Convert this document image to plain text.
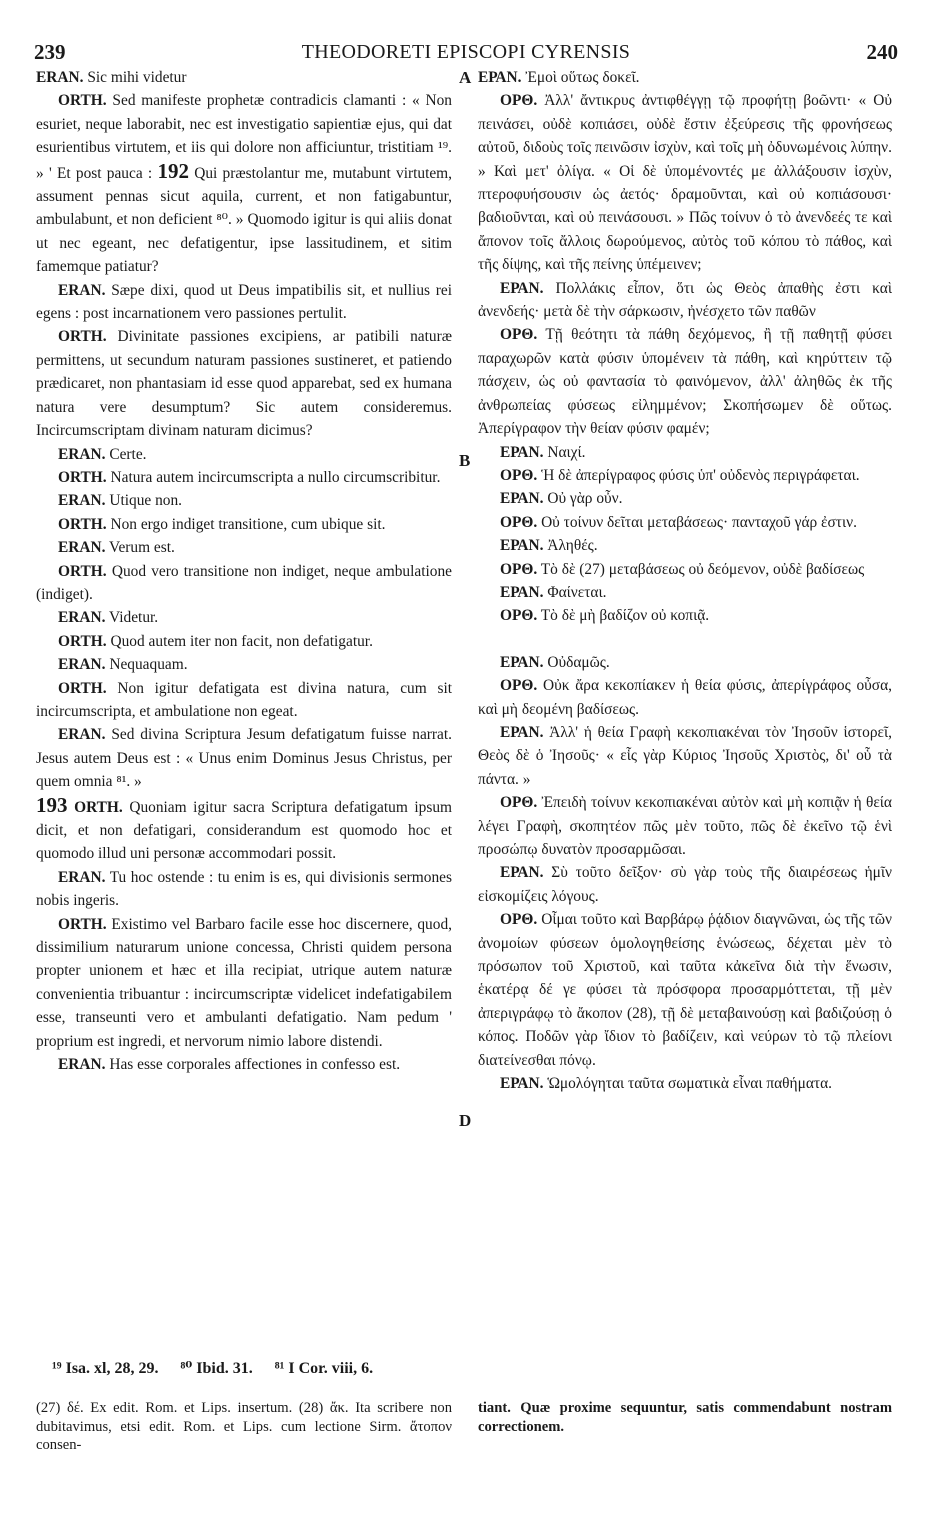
239	THEODORETI EPISCOPI CYRENSIS	240

ERAN. Sic mihi videtur

ORTH. Sed manifeste prophetæ contradicis clamanti : « Non esuriet, neque laborabit, nec est investigatio sapientiæ ejus, qui dat esurientibus virtutem, et iis qui dolore non afficiuntur, tristitiam ¹⁹. » ' Et post pauca : 192 Qui præstolantur me, mutabunt virtutem, assument pennas sicut aquila, current, et non fatigabuntur, ambulabunt, et non deficient ⁸⁰. » Quomodo igitur is qui aliis donat ut nec egeant, nec defatigentur, ipse lassitudinem, et sitim famemque patiatur?

ERAN. Sæpe dixi, quod ut Deus impatibilis sit, et nullius rei egens : post incarnationem vero passiones pertulit.

ORTH. Divinitate passiones excipiens, ar patibili naturæ permittens, ut secundum naturam passiones sustineret, et patiendo prædicaret, non phantasiam id esse quod apparebat, sed ex humana natura vere desumptum? Sic autem consideremus. Incircumscriptam divinam naturam dicimus?

ERAN. Certe.

ORTH. Natura autem incircumscripta a nullo circumscribitur.

ERAN. Utique non.

ORTH. Non ergo indiget transitione, cum ubique sit.

ERAN. Verum est.

ORTH. Quod vero transitione non indiget, neque ambulatione (indiget).

ERAN. Videtur.

ORTH. Quod autem iter non facit, non defatigatur.

ERAN. Nequaquam.

ORTH. Non igitur defatigata est divina natura, cum sit incircumscripta, et ambulatione non egeat.

ERAN. Sed divina Scriptura Jesum defatigatum fuisse narrat. Jesus autem Deus est : « Unus enim Dominus Jesus Christus, per quem omnia ⁸¹. »

193 ORTH. Quoniam igitur sacra Scriptura defatigatum ipsum dicit, et non defatigari, considerandum est quomodo hoc et quomodo illud uni personæ accommodari possit.

ERAN. Tu hoc ostende : tu enim is es, qui divisionis sermones nobis ingeris.

ORTH. Existimo vel Barbaro facile esse hoc discernere, quod, dissimilium naturarum unione concessa, Christi quidem persona propter unionem et hæc et illa recipiat, utrique autem naturæ convenientia tribuantur : incircumscriptæ videlicet indefatigabilem esse, transeunti vero et ambulanti defatigatio. Nam pedum ' proprium est ingredi, et nervorum nimio labore distendi.

ERAN. Has esse corporales affectiones in confesso est.

A
B
D

ΕΡΑΝ. Ἐμοὶ οὕτως δοκεῖ.

ΟΡΘ. Ἀλλ' ἄντικρυς ἀντιφθέγγῃ τῷ προφήτῃ βοῶντι· « Οὐ πεινάσει, οὐδὲ κοπιάσει, οὐδὲ ἔστιν ἐξεύρεσις τῆς φρονήσεως αὐτοῦ, διδοὺς τοῖς πεινῶσιν ἰσχὺν, καὶ τοῖς μὴ ὀδυνωμένοις λύπην. » Καὶ μετ' ὀλίγα. « Οἱ δὲ ὑπομένοντές με ἀλλάξουσιν ἰσχὺν, πτεροφυήσουσιν ὡς ἀετός· δραμοῦνται, καὶ οὐ κοπιάσουσι· βαδιοῦνται, καὶ οὐ πεινάσουσι. » Πῶς τοίνυν ὁ τὸ ἀνενδεές τε καὶ ἄπονον τοῖς ἄλλοις δωρούμενος, αὐτὸς τοῦ κόπου τὸ πάθος, καὶ τῆς δίψης, καὶ τῆς πείνης ὑπέμεινεν;

ΕΡΑΝ. Πολλάκις εἶπον, ὅτι ὡς Θεὸς ἀπαθὴς ἐστι καὶ ἀνενδεής· μετὰ δὲ τὴν σάρκωσιν, ἠνέσχετο τῶν παθῶν

ΟΡΘ. Τῇ θεότητι τὰ πάθη δεχόμενος, ἢ τῇ παθητῇ φύσει παραχωρῶν κατὰ φύσιν ὑπομένειν τὰ πάθη, καὶ κηρύττειν τῷ πάσχειν, ὡς οὐ φαντασία τὸ φαινόμενον, ἀλλ' ἀληθῶς ἐκ τῆς ἀνθρωπείας φύσεως εἰλημμένον; Σκοπήσωμεν δὲ οὕτως. Ἀπερίγραφον τὴν θείαν φύσιν φαμέν;

ΕΡΑΝ. Ναιχί.

ΟΡΘ. Ἡ δὲ ἀπερίγραφος φύσις ὑπ' οὐδενὸς περιγράφεται.

ΕΡΑΝ. Οὐ γὰρ οὖν.

ΟΡΘ. Οὐ τοίνυν δεῖται μεταβάσεως· πανταχοῦ γάρ ἐστιν.

ΕΡΑΝ. Ἀληθές.

ΟΡΘ. Τὸ δὲ (27) μεταβάσεως οὐ δεόμενον, οὐδὲ βαδίσεως

ΕΡΑΝ. Φαίνεται.

ΟΡΘ. Τὸ δὲ μὴ βαδίζον οὐ κοπιᾷ.

ΕΡΑΝ. Οὐδαμῶς.

ΟΡΘ. Οὐκ ἄρα κεκοπίακεν ἡ θεία φύσις, ἀπερίγράφος οὖσα, καὶ μὴ δεομένη βαδίσεως.

ΕΡΑΝ. Ἀλλ' ἡ θεία Γραφὴ κεκοπιακέναι τὸν Ἰησοῦν ἱστορεῖ, Θεὸς δὲ ὁ Ἰησοῦς· « εἷς γὰρ Κύριος Ἰησοῦς Χριστὸς, δι' οὗ τὰ πάντα. »

ΟΡΘ. Ἐπειδὴ τοίνυν κεκοπιακέναι αὐτὸν καὶ μὴ κοπιᾷν ἡ θεία λέγει Γραφὴ, σκοπητέον πῶς μὲν τοῦτο, πῶς δὲ ἐκεῖνο τῷ ἑνὶ προσώπῳ δυνατὸν προσαρμῶσαι.

ΕΡΑΝ. Σὺ τοῦτο δεῖξον· σὺ γὰρ τοὺς τῆς διαιρέσεως ἡμῖν εἰσκομίζεις λόγους.

ΟΡΘ. Οἶμαι τοῦτο καὶ Βαρβάρῳ ῥᾴδιον διαγνῶναι, ὡς τῆς τῶν ἀνομοίων φύσεων ὁμολογηθείσης ἑνώσεως, δέχεται μὲν τὸ πρόσωπον τοῦ Χριστοῦ, καὶ ταῦτα κἀκεῖνα διὰ τὴν ἕνωσιν, ἑκατέρᾳ δέ γε φύσει τὰ πρόσφορα προσαρμόττεται, τῇ μὲν ἀπεριγράφῳ τὸ ἄκοπον (28), τῇ δὲ μεταβαινούσῃ καὶ βαδιζούσῃ ὁ κόπος. Ποδῶν γὰρ ἴδιον τὸ βαδίζειν, καὶ νεύρων τὸ τῷ πλείονι διατείνεσθαι πόνῳ.

ΕΡΑΝ. Ὡμολόγηται ταῦτα σωματικὰ εἶναι παθήματα.

¹⁹ Isa. xl, 28, 29. ⁸⁰ Ibid. 31. ⁸¹ I Cor. viii, 6.

(27) δέ. Ex edit. Rom. et Lips. insertum. (28) ἄκ. Ita scribere non dubitavimus, etsi edit. Rom. et Lips. cum lectione Sirm. ἄτοπον consen-

tiant. Quæ proxime sequuntur, satis commendabunt nostram correctionem.
